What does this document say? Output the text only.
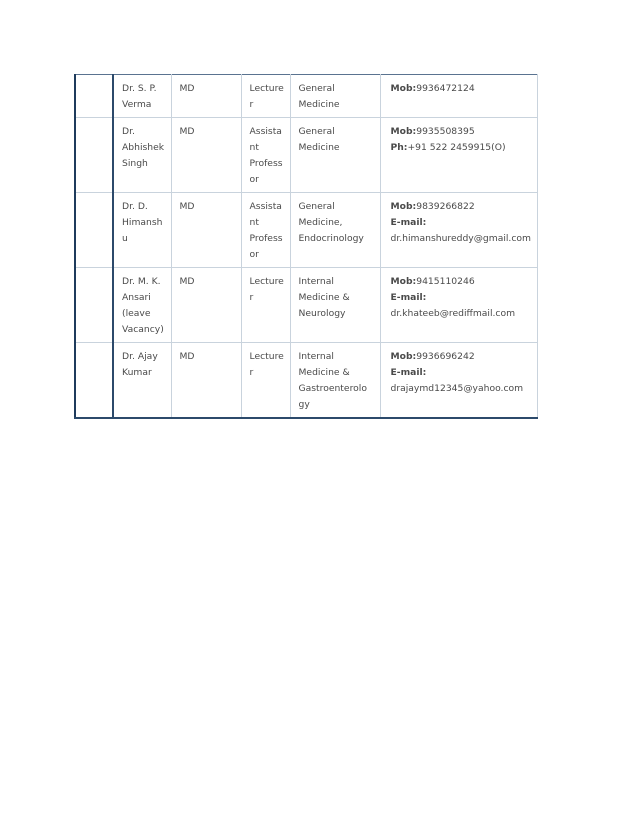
	Dr. S. P.
Verma	MD	Lecture
r	General
Medicine	Mob:9936472124

	Dr.
Abhishek
Singh	MD	Assista
nt
Profess
or	General
Medicine	Mob:9935508395
Ph:+91 522 2459915(O)

	Dr. D.
Himansh
u	MD	Assista
nt
Profess
or	General
Medicine,
Endocrinology	Mob:9839266822
E-mail:
dr.himanshureddy@gmail.com

	Dr. M. K.
Ansari
(leave
Vacancy)	MD	Lecture
r	Internal
Medicine &
Neurology	Mob:9415110246
E-mail:
dr.khateeb@rediffmail.com

	Dr. Ajay
Kumar	MD	Lecture
r	Internal
Medicine &
Gastroenterolo
gy	Mob:9936696242
E-mail:
drajaymd12345@yahoo.com
